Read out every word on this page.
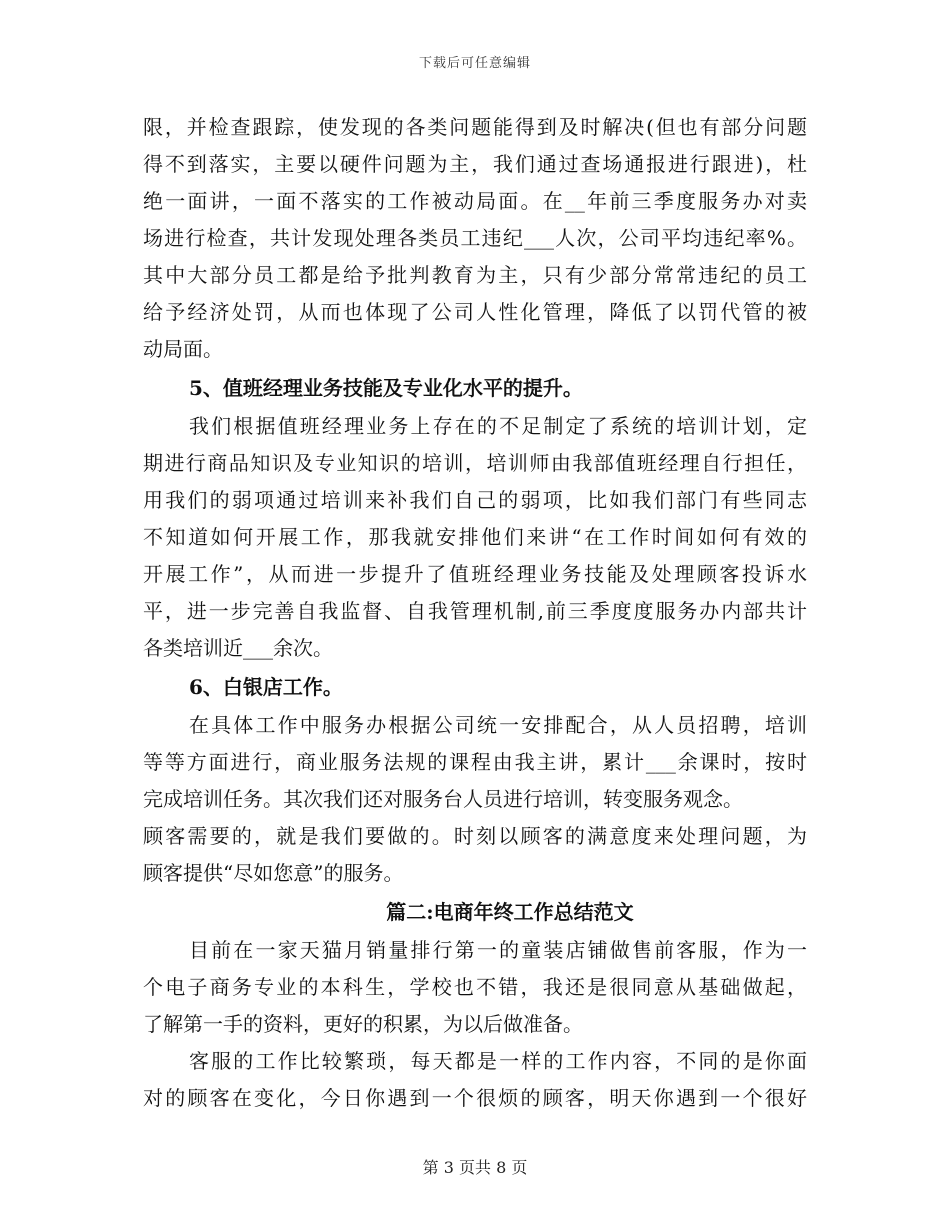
下载后可任意编辑
限，并检查跟踪，使发现的各类问题能得到及时解决(但也有部分问题
得不到落实，主要以硬件问题为主，我们通过查场通报进行跟进)，杜
绝一面讲，一面不落实的工作被动局面。在__年前三季度服务办对卖
场进行检查，共计发现处理各类员工违纪___人次，公司平均违纪率%。
其中大部分员工都是给予批判教育为主，只有少部分常常违纪的员工
给予经济处罚，从而也体现了公司人性化管理，降低了以罚代管的被
动局面。
5、值班经理业务技能及专业化水平的提升。
我们根据值班经理业务上存在的不足制定了系统的培训计划，定
期进行商品知识及专业知识的培训，培训师由我部值班经理自行担任，
用我们的弱项通过培训来补我们自己的弱项，比如我们部门有些同志
不知道如何开展工作，那我就安排他们来讲“在工作时间如何有效的
开展工作”，从而进一步提升了值班经理业务技能及处理顾客投诉水
平，进一步完善自我监督、自我管理机制,前三季度度服务办内部共计
各类培训近___余次。
6、白银店工作。
在具体工作中服务办根据公司统一安排配合，从人员招聘，培训
等等方面进行，商业服务法规的课程由我主讲，累计___余课时，按时
完成培训任务。其次我们还对服务台人员进行培训，转变服务观念。
顾客需要的，就是我们要做的。时刻以顾客的满意度来处理问题，为
顾客提供“尽如您意”的服务。
篇二:电商年终工作总结范文
目前在一家天猫月销量排行第一的童装店铺做售前客服，作为一
个电子商务专业的本科生，学校也不错，我还是很同意从基础做起，
了解第一手的资料，更好的积累，为以后做准备。
客服的工作比较繁琐，每天都是一样的工作内容，不同的是你面
对的顾客在变化，今日你遇到一个很烦的顾客，明天你遇到一个很好
第 3 页共 8 页
